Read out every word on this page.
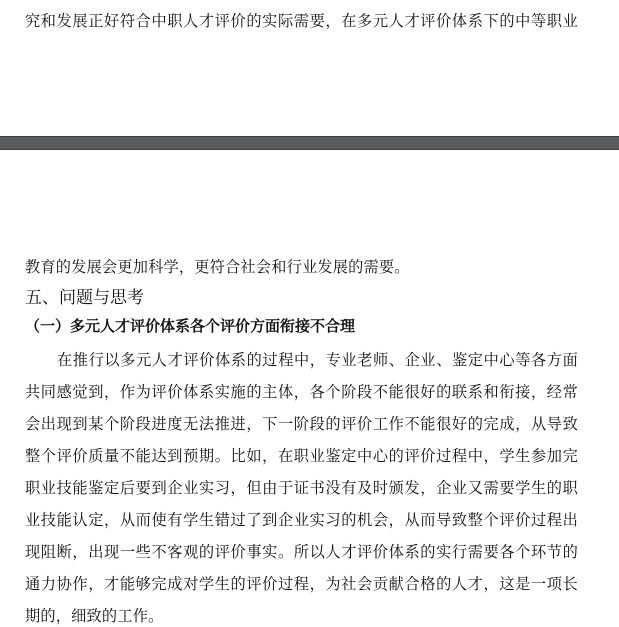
究和发展正好符合中职人才评价的实际需要，在多元人才评价体系下的中等职业
教育的发展会更加科学，更符合社会和行业发展的需要。
五、问题与思考
（一）多元人才评价体系各个评价方面衔接不合理
在推行以多元人才评价体系的过程中，专业老师、企业、鉴定中心等各方面
共同感觉到，作为评价体系实施的主体，各个阶段不能很好的联系和衔接，经常
会出现到某个阶段进度无法推进，下一阶段的评价工作不能很好的完成，从导致
整个评价质量不能达到预期。比如，在职业鉴定中心的评价过程中，学生参加完
职业技能鉴定后要到企业实习，但由于证书没有及时颁发，企业又需要学生的职
业技能认定，从而使有学生错过了到企业实习的机会，从而导致整个评价过程出
现阻断，出现一些不客观的评价事实。所以人才评价体系的实行需要各个环节的
通力协作，才能够完成对学生的评价过程，为社会贡献合格的人才，这是一项长
期的，细致的工作。
